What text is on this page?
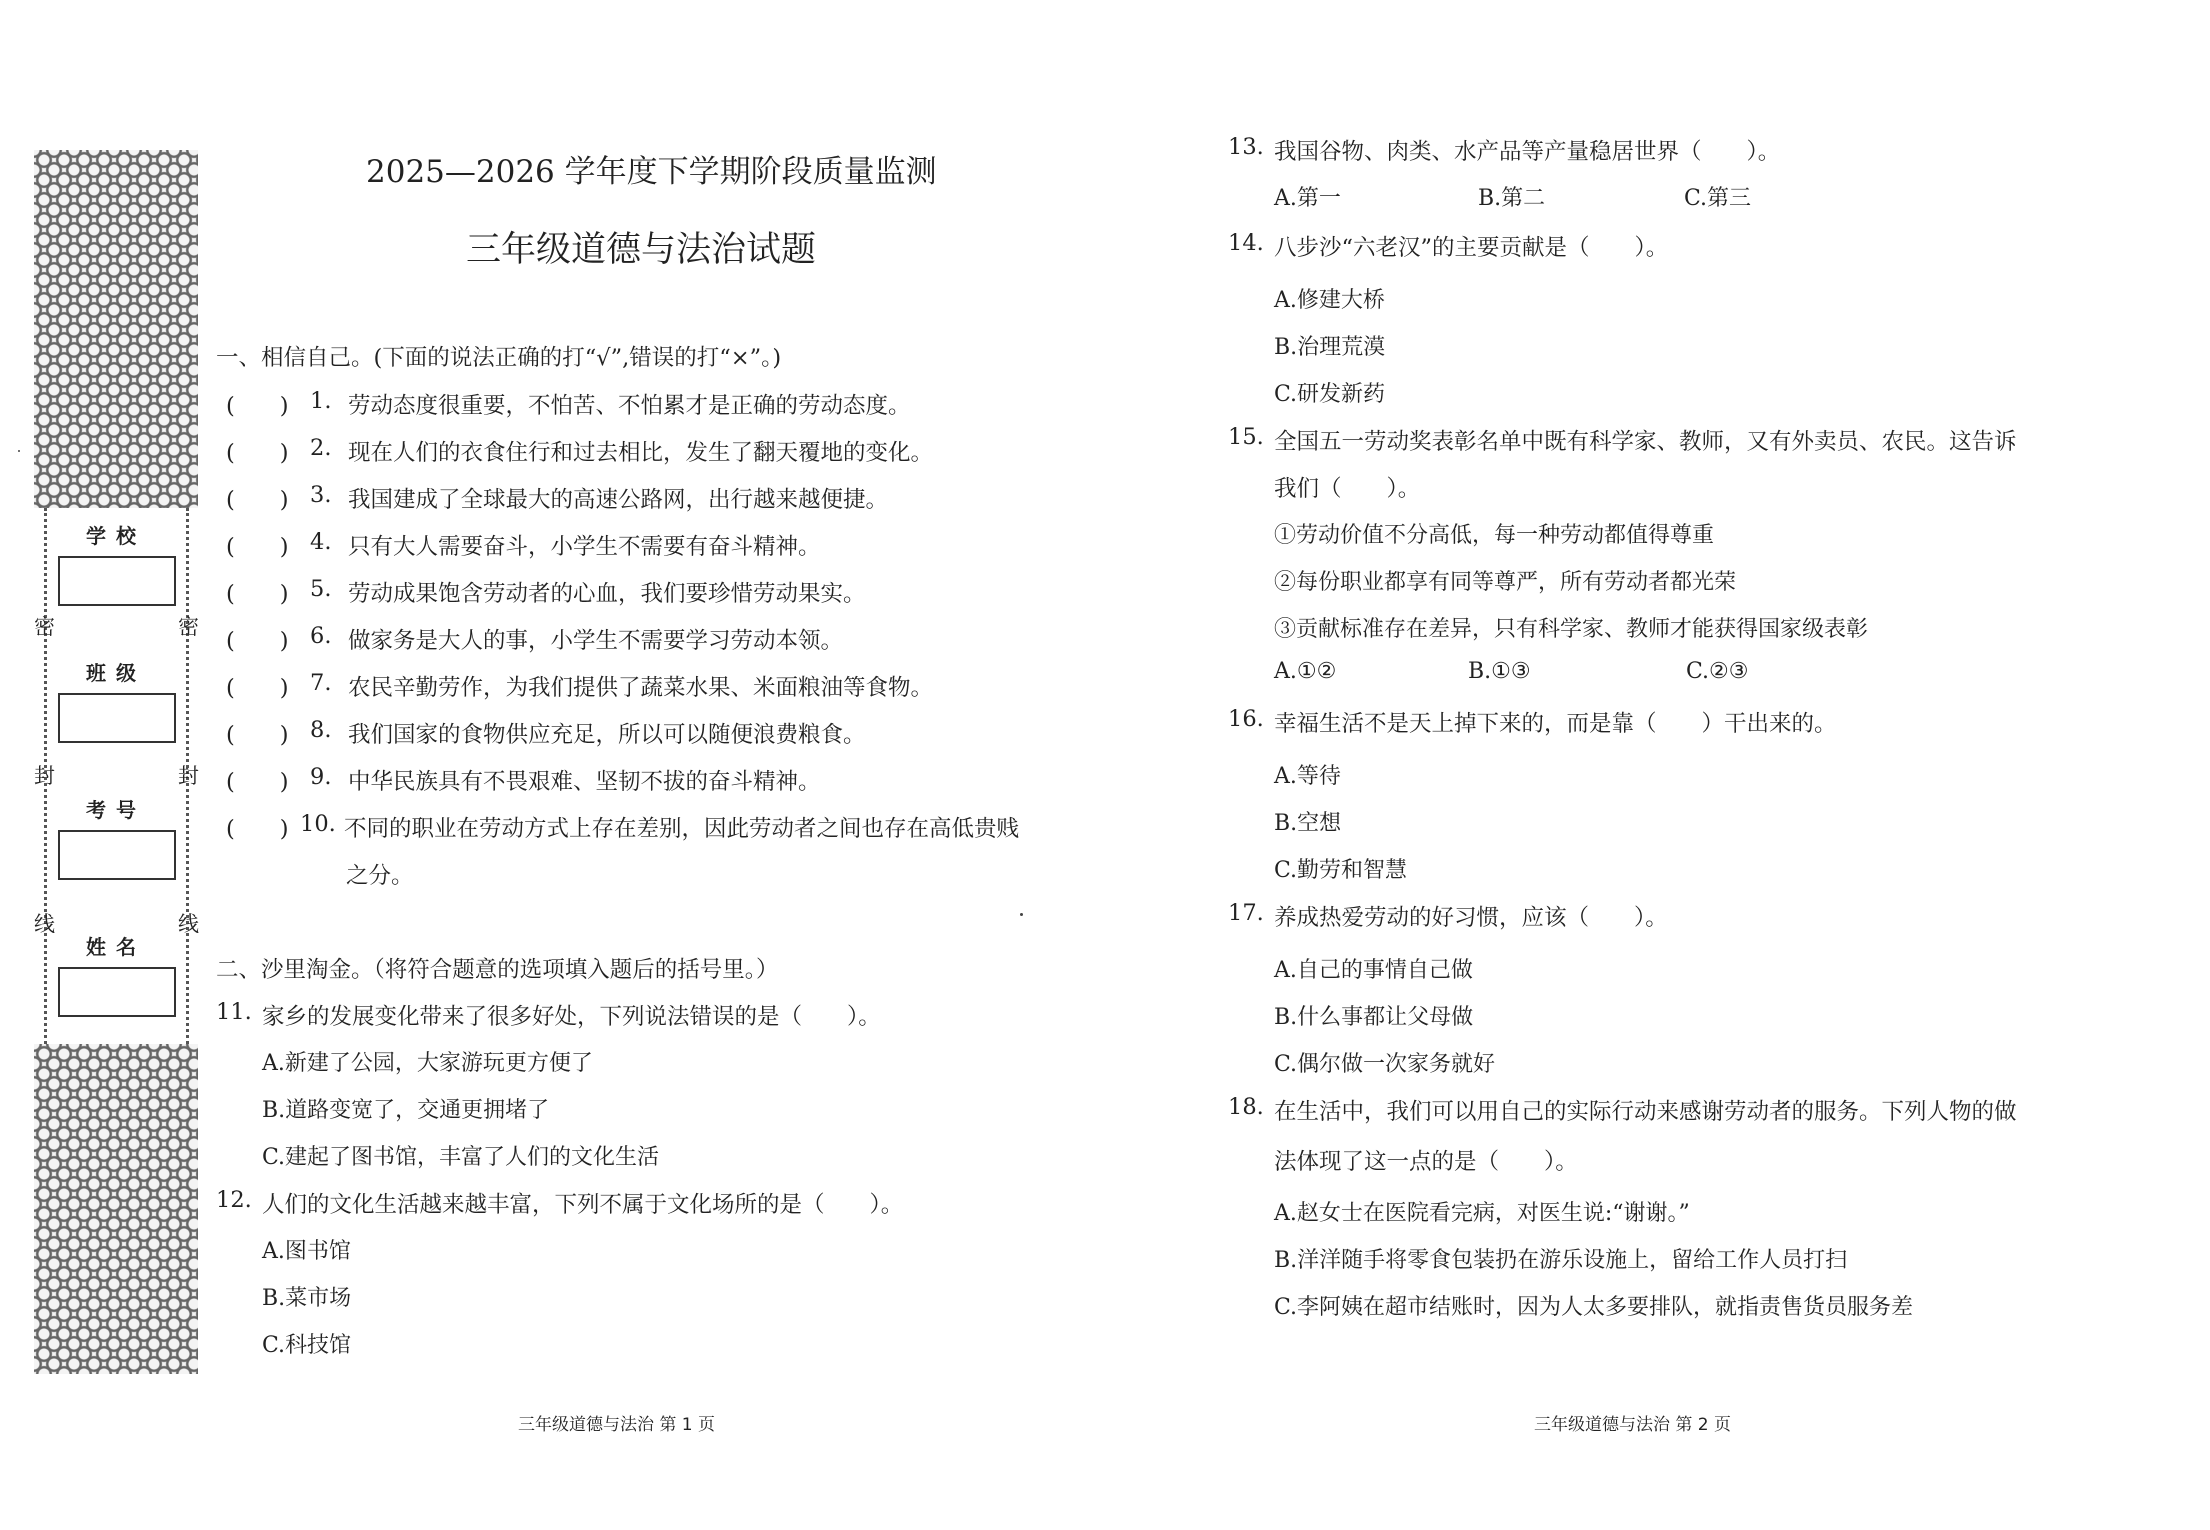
学校
班级
考号
姓名
密	密
封	封
线	线
2025—2026 学年度下学期阶段质量监测
三年级道德与法治试题
一、相信自己。(下面的说法正确的打“√”,错误的打“×”。)
(　　) 1. 劳动态度很重要，不怕苦、不怕累才是正确的劳动态度。
(　　) 2. 现在人们的衣食住行和过去相比，发生了翻天覆地的变化。
(　　) 3. 我国建成了全球最大的高速公路网，出行越来越便捷。
(　　) 4. 只有大人需要奋斗，小学生不需要有奋斗精神。
(　　) 5. 劳动成果饱含劳动者的心血，我们要珍惜劳动果实。
(　　) 6. 做家务是大人的事，小学生不需要学习劳动本领。
(　　) 7. 农民辛勤劳作，为我们提供了蔬菜水果、米面粮油等食物。
(　　) 8. 我们国家的食物供应充足，所以可以随便浪费粮食。
(　　) 9. 中华民族具有不畏艰难、坚韧不拔的奋斗精神。
(　　) 10. 不同的职业在劳动方式上存在差别，因此劳动者之间也存在高低贵贱
之分。
二、沙里淘金。（将符合题意的选项填入题后的括号里。）
11. 家乡的发展变化带来了很多好处，下列说法错误的是（　　）。
A.新建了公园，大家游玩更方便了
B.道路变宽了，交通更拥堵了
C.建起了图书馆，丰富了人们的文化生活
12. 人们的文化生活越来越丰富，下列不属于文化场所的是（　　）。
A.图书馆
B.菜市场
C.科技馆
三年级道德与法治 第 1 页
13. 我国谷物、肉类、水产品等产量稳居世界（　　）。
A.第一	B.第二	C.第三
14. 八步沙“六老汉”的主要贡献是（　　）。
A.修建大桥
B.治理荒漠
C.研发新药
15. 全国五一劳动奖表彰名单中既有科学家、教师，又有外卖员、农民。这告诉
我们（　　）。
①劳动价值不分高低，每一种劳动都值得尊重
②每份职业都享有同等尊严，所有劳动者都光荣
③贡献标准存在差异，只有科学家、教师才能获得国家级表彰
A.①②	B.①③	C.②③
16. 幸福生活不是天上掉下来的，而是靠（　　）干出来的。
A.等待
B.空想
C.勤劳和智慧
17. 养成热爱劳动的好习惯，应该（　　）。
A.自己的事情自己做
B.什么事都让父母做
C.偶尔做一次家务就好
18. 在生活中，我们可以用自己的实际行动来感谢劳动者的服务。下列人物的做
法体现了这一点的是（　　）。
A.赵女士在医院看完病，对医生说:“谢谢。”
B.洋洋随手将零食包装扔在游乐设施上，留给工作人员打扫
C.李阿姨在超市结账时，因为人太多要排队，就指责售货员服务差
三年级道德与法治 第 2 页
